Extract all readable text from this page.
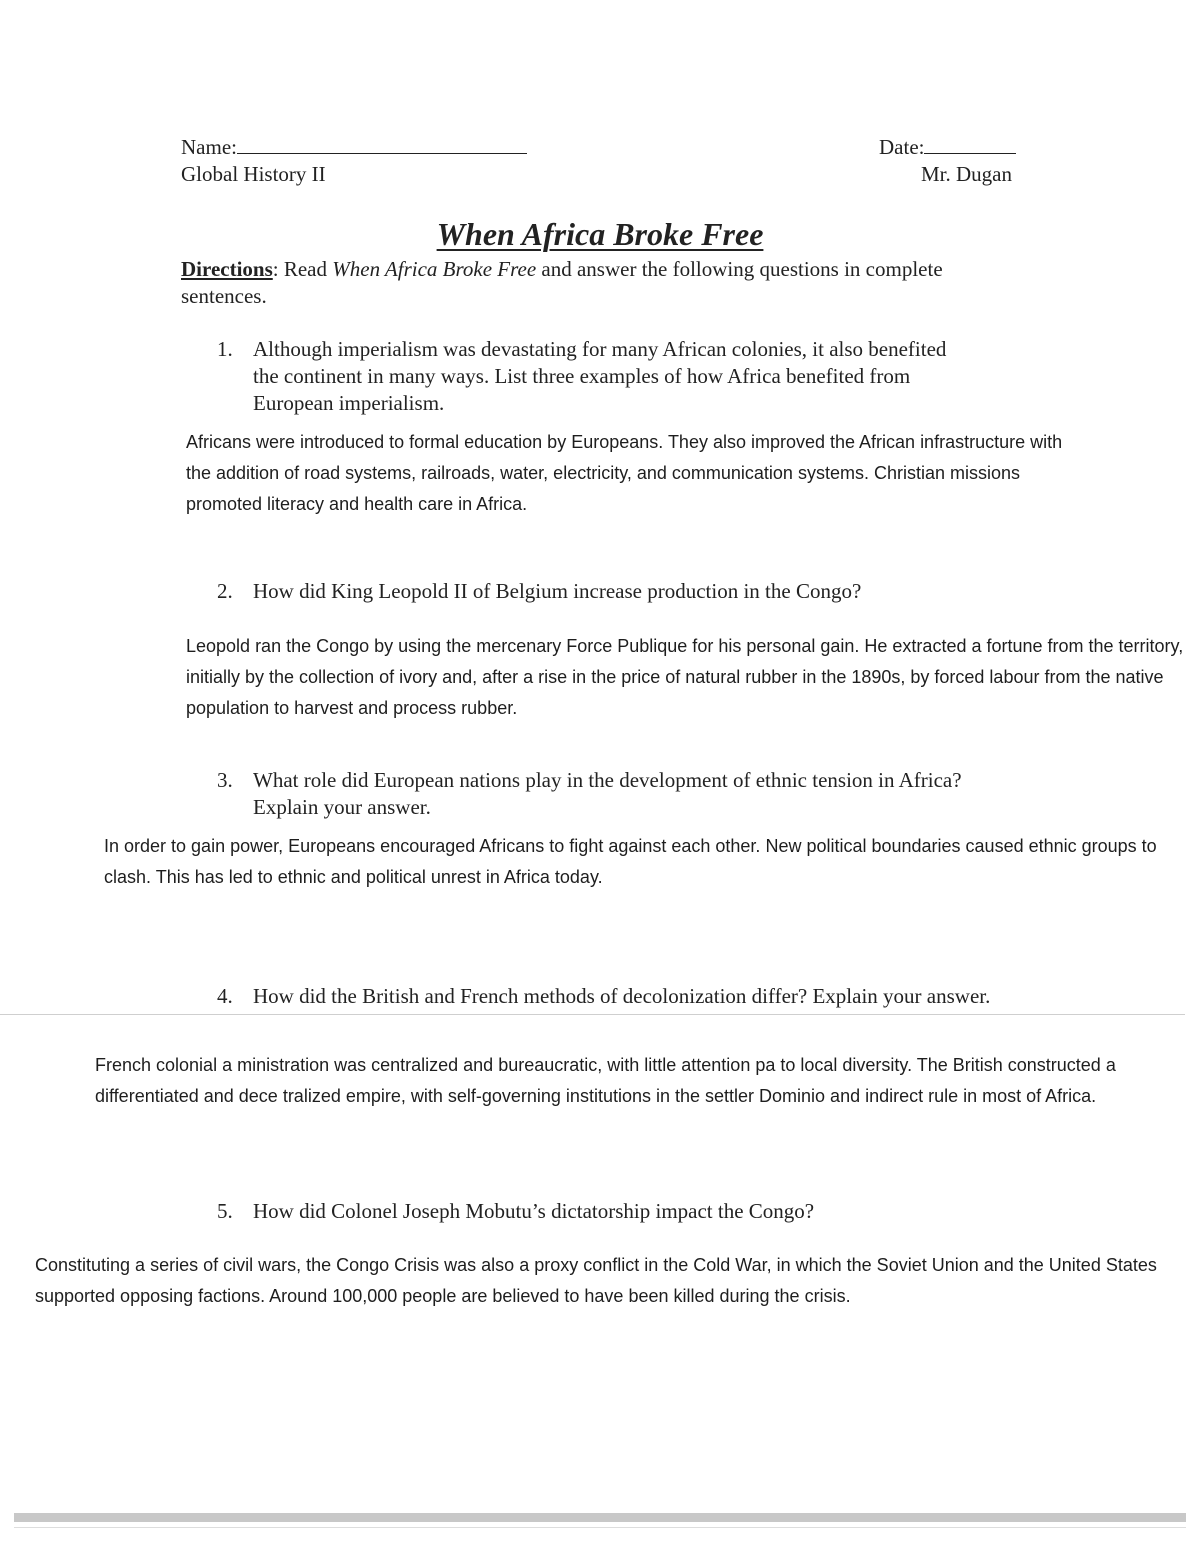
Name:
Global History II
Date:
Mr. Dugan
When Africa Broke Free
Directions: Read When Africa Broke Free and answer the following questions in complete sentences.
1. Although imperialism was devastating for many African colonies, it also benefited the continent in many ways. List three examples of how Africa benefited from European imperialism.
Africans were introduced to formal education by Europeans. They also improved the African infrastructure with the addition of road systems, railroads, water, electricity, and communication systems. Christian missions promoted literacy and health care in Africa.
2. How did King Leopold II of Belgium increase production in the Congo?
Leopold ran the Congo by using the mercenary Force Publique for his personal gain. He extracted a fortune from the territory, initially by the collection of ivory and, after a rise in the price of natural rubber in the 1890s, by forced labour from the native population to harvest and process rubber.
3. What role did European nations play in the development of ethnic tension in Africa? Explain your answer.
In order to gain power, Europeans encouraged Africans to fight against each other. New political boundaries caused ethnic groups to clash. This has led to ethnic and political unrest in Africa today.
4. How did the British and French methods of decolonization differ? Explain your answer.
French colonial a ministration was centralized and bureaucratic, with little attention pa to local diversity. The British constructed a differentiated and dece tralized empire, with self-governing institutions in the settler Dominio and indirect rule in most of Africa.
5. How did Colonel Joseph Mobutu’s dictatorship impact the Congo?
Constituting a series of civil wars, the Congo Crisis was also a proxy conflict in the Cold War, in which the Soviet Union and the United States supported opposing factions. Around 100,000 people are believed to have been killed during the crisis.
